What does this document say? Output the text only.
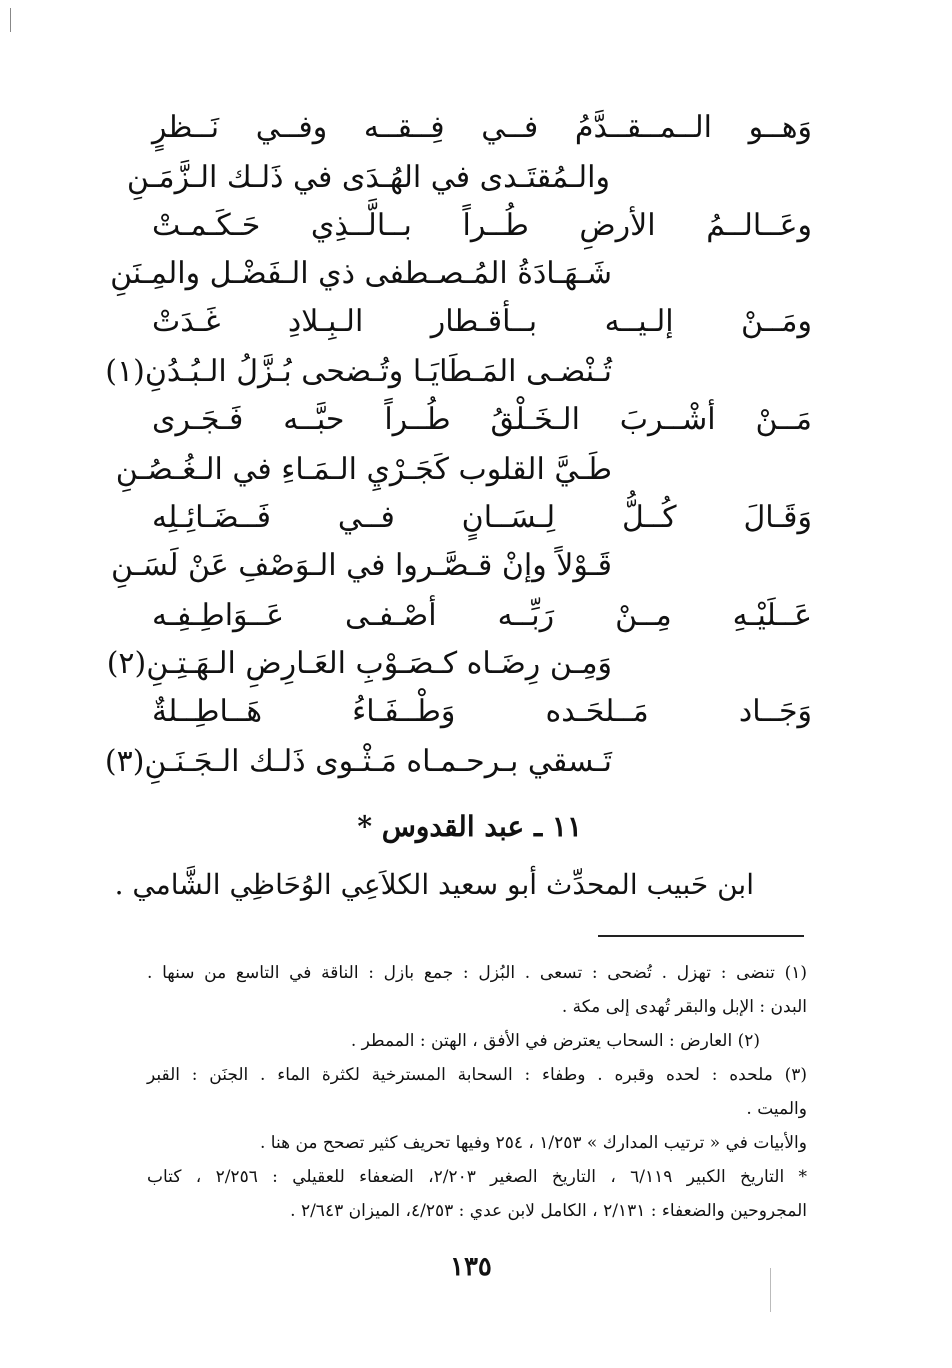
وَهــو الــمــقــدَّمُ فــي فِــقــه وفــي نَــظرٍ
والـمُقتَـدى في الهُـدَى في ذَلـك الـزَّمَـنِ
وعَــالــمُ الأرضِ طُــراً بــالَّــذِي حَـكَـمـتْ
شَـهَـادَةُ المُـصـطفى ذي الـفَضْـل والمِـنَنِ
ومَــنْ إلـيــه بــأقـطار الـبِـلادِ غَـدَتْ
تُـنْضـى المَـطَايَـا وتُـضحى بُـزَّلُ الـبُـدُنِ(١)
مَــنْ أشْــربَ الـخَـلْقُ طُــراً حبَّــه فَـجَـرى
طَـيَّ القلوب كَجَـرْيِ الـمَـاءِ في الـغُـصُـنِ
وَقَـالَ كُــلُّ لِـسَــانٍ فــي فَــضَـائِـلِه
قَـوْلاً وإنْ قـصَّـروا في الـوَصْفِ عَنْ لَسَـنِ
عَــلَيْـهِ مِــنْ رَبِّــه أصْـفـى عَــوَاطِـفِـه
وَمِـن رِضَـاه كـصَـوْبِ العَـارِضِ الـهَـتِـنِ(٢)
وَجَــاد مَــلحَـده وَطْــفَـاءُ هَــاطِــلةٌ
تَـسقي بـرحـمـاه مَـثْـوى ذَلـك الـجَـنَـنِ(٣)
١١ ـ عبد القدوس *
ابن حَبيب المحدِّث أبو سعيد الكلاَعِي الوُحَاظِي الشَّامي .
(١) تنضى : تهزل . تُضحى : تسعى . البُزل : جمع بازل : الناقة في التاسع من سنها .
البدن : الإبل والبقر تُهدى إلى مكة .
(٢) العارض : السحاب يعترض في الأفق ، الهتن : الممطر .
(٣) ملحده : لحده وقبره . وطفاء : السحابة المسترخية لكثرة الماء . الجنَن : القبر
والميت .
والأبيات في « ترتيب المدارك » ١/٢٥٣ ، ٢٥٤ وفيها تحريف كثير تصحح من هنا .
* التاريخ الكبير ٦/١١٩ ، التاريخ الصغير ٢/٢٠٣، الضعفاء للعقيلي : ٢/٢٥٦ ، كتاب
المجروحين والضعفاء : ٢/١٣١ ، الكامل لابن عدي : ٤/٢٥٣، الميزان ٢/٦٤٣ .
١٣٥
